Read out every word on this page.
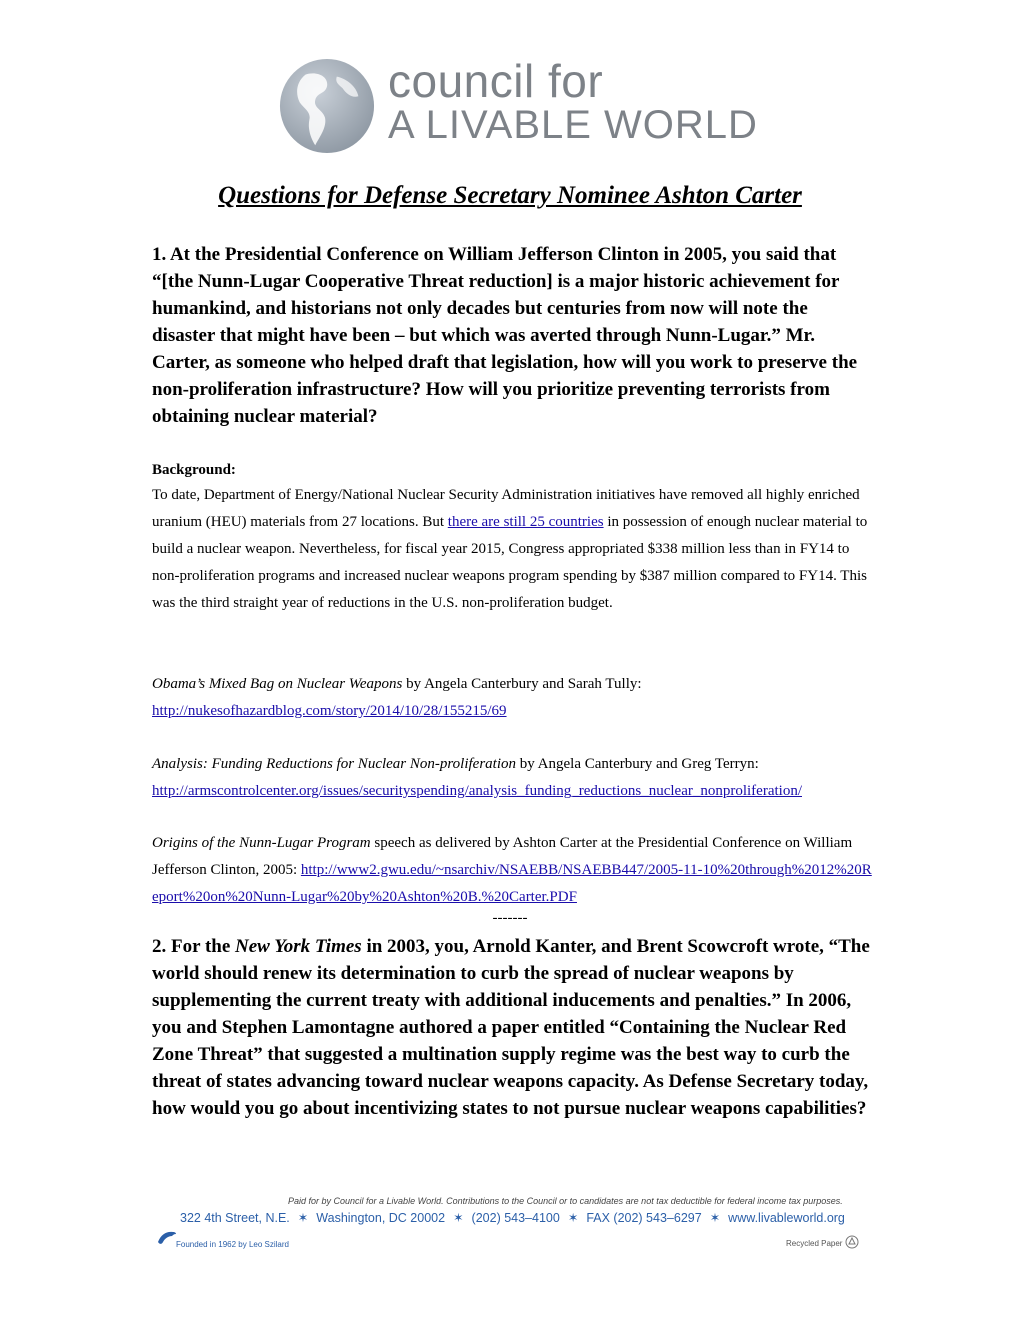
council for
A LIVABLE WORLD
Questions for Defense Secretary Nominee Ashton Carter
1. At the Presidential Conference on William Jefferson Clinton in 2005, you said that “[the Nunn-Lugar Cooperative Threat reduction] is a major historic achievement for humankind, and historians not only decades but centuries from now will note the disaster that might have been – but which was averted through Nunn-Lugar.” Mr. Carter, as someone who helped draft that legislation, how will you work to preserve the non-proliferation infrastructure? How will you prioritize preventing terrorists from obtaining nuclear material?
Background:
To date, Department of Energy/National Nuclear Security Administration initiatives have removed all highly enriched uranium (HEU) materials from 27 locations. But there are still 25 countries in possession of enough nuclear material to build a nuclear weapon. Nevertheless, for fiscal year 2015, Congress appropriated $338 million less than in FY14 to non-proliferation programs and increased nuclear weapons program spending by $387 million compared to FY14. This was the third straight year of reductions in the U.S. non-proliferation budget.
Obama’s Mixed Bag on Nuclear Weapons by Angela Canterbury and Sarah Tully:
http://nukesofhazardblog.com/story/2014/10/28/155215/69
Analysis: Funding Reductions for Nuclear Non-proliferation by Angela Canterbury and Greg Terryn:
http://armscontrolcenter.org/issues/securityspending/analysis_funding_reductions_nuclear_nonproliferation/
Origins of the Nunn-Lugar Program speech as delivered by Ashton Carter at the Presidential Conference on William Jefferson Clinton, 2005: http://www2.gwu.edu/~nsarchiv/NSAEBB/NSAEBB447/2005-11-10%20through%2012%20Report%20on%20Nunn-Lugar%20by%20Ashton%20B.%20Carter.PDF
-------
2. For the New York Times in 2003, you, Arnold Kanter, and Brent Scowcroft wrote, “The world should renew its determination to curb the spread of nuclear weapons by supplementing the current treaty with additional inducements and penalties.” In 2006, you and Stephen Lamontagne authored a paper entitled “Containing the Nuclear Red Zone Threat” that suggested a multination supply regime was the best way to curb the threat of states advancing toward nuclear weapons capacity. As Defense Secretary today, how would you go about incentivizing states to not pursue nuclear weapons capabilities?
Paid for by Council for a Livable World. Contributions to the Council or to candidates are not tax deductible for federal income tax purposes.
322 4th Street, N.E. ✶ Washington, DC 20002 ✶ (202) 543–4100 ✶ FAX (202) 543–6297 ✶ www.livableworld.org
Founded in 1962 by Leo Szilard	Recycled Paper
